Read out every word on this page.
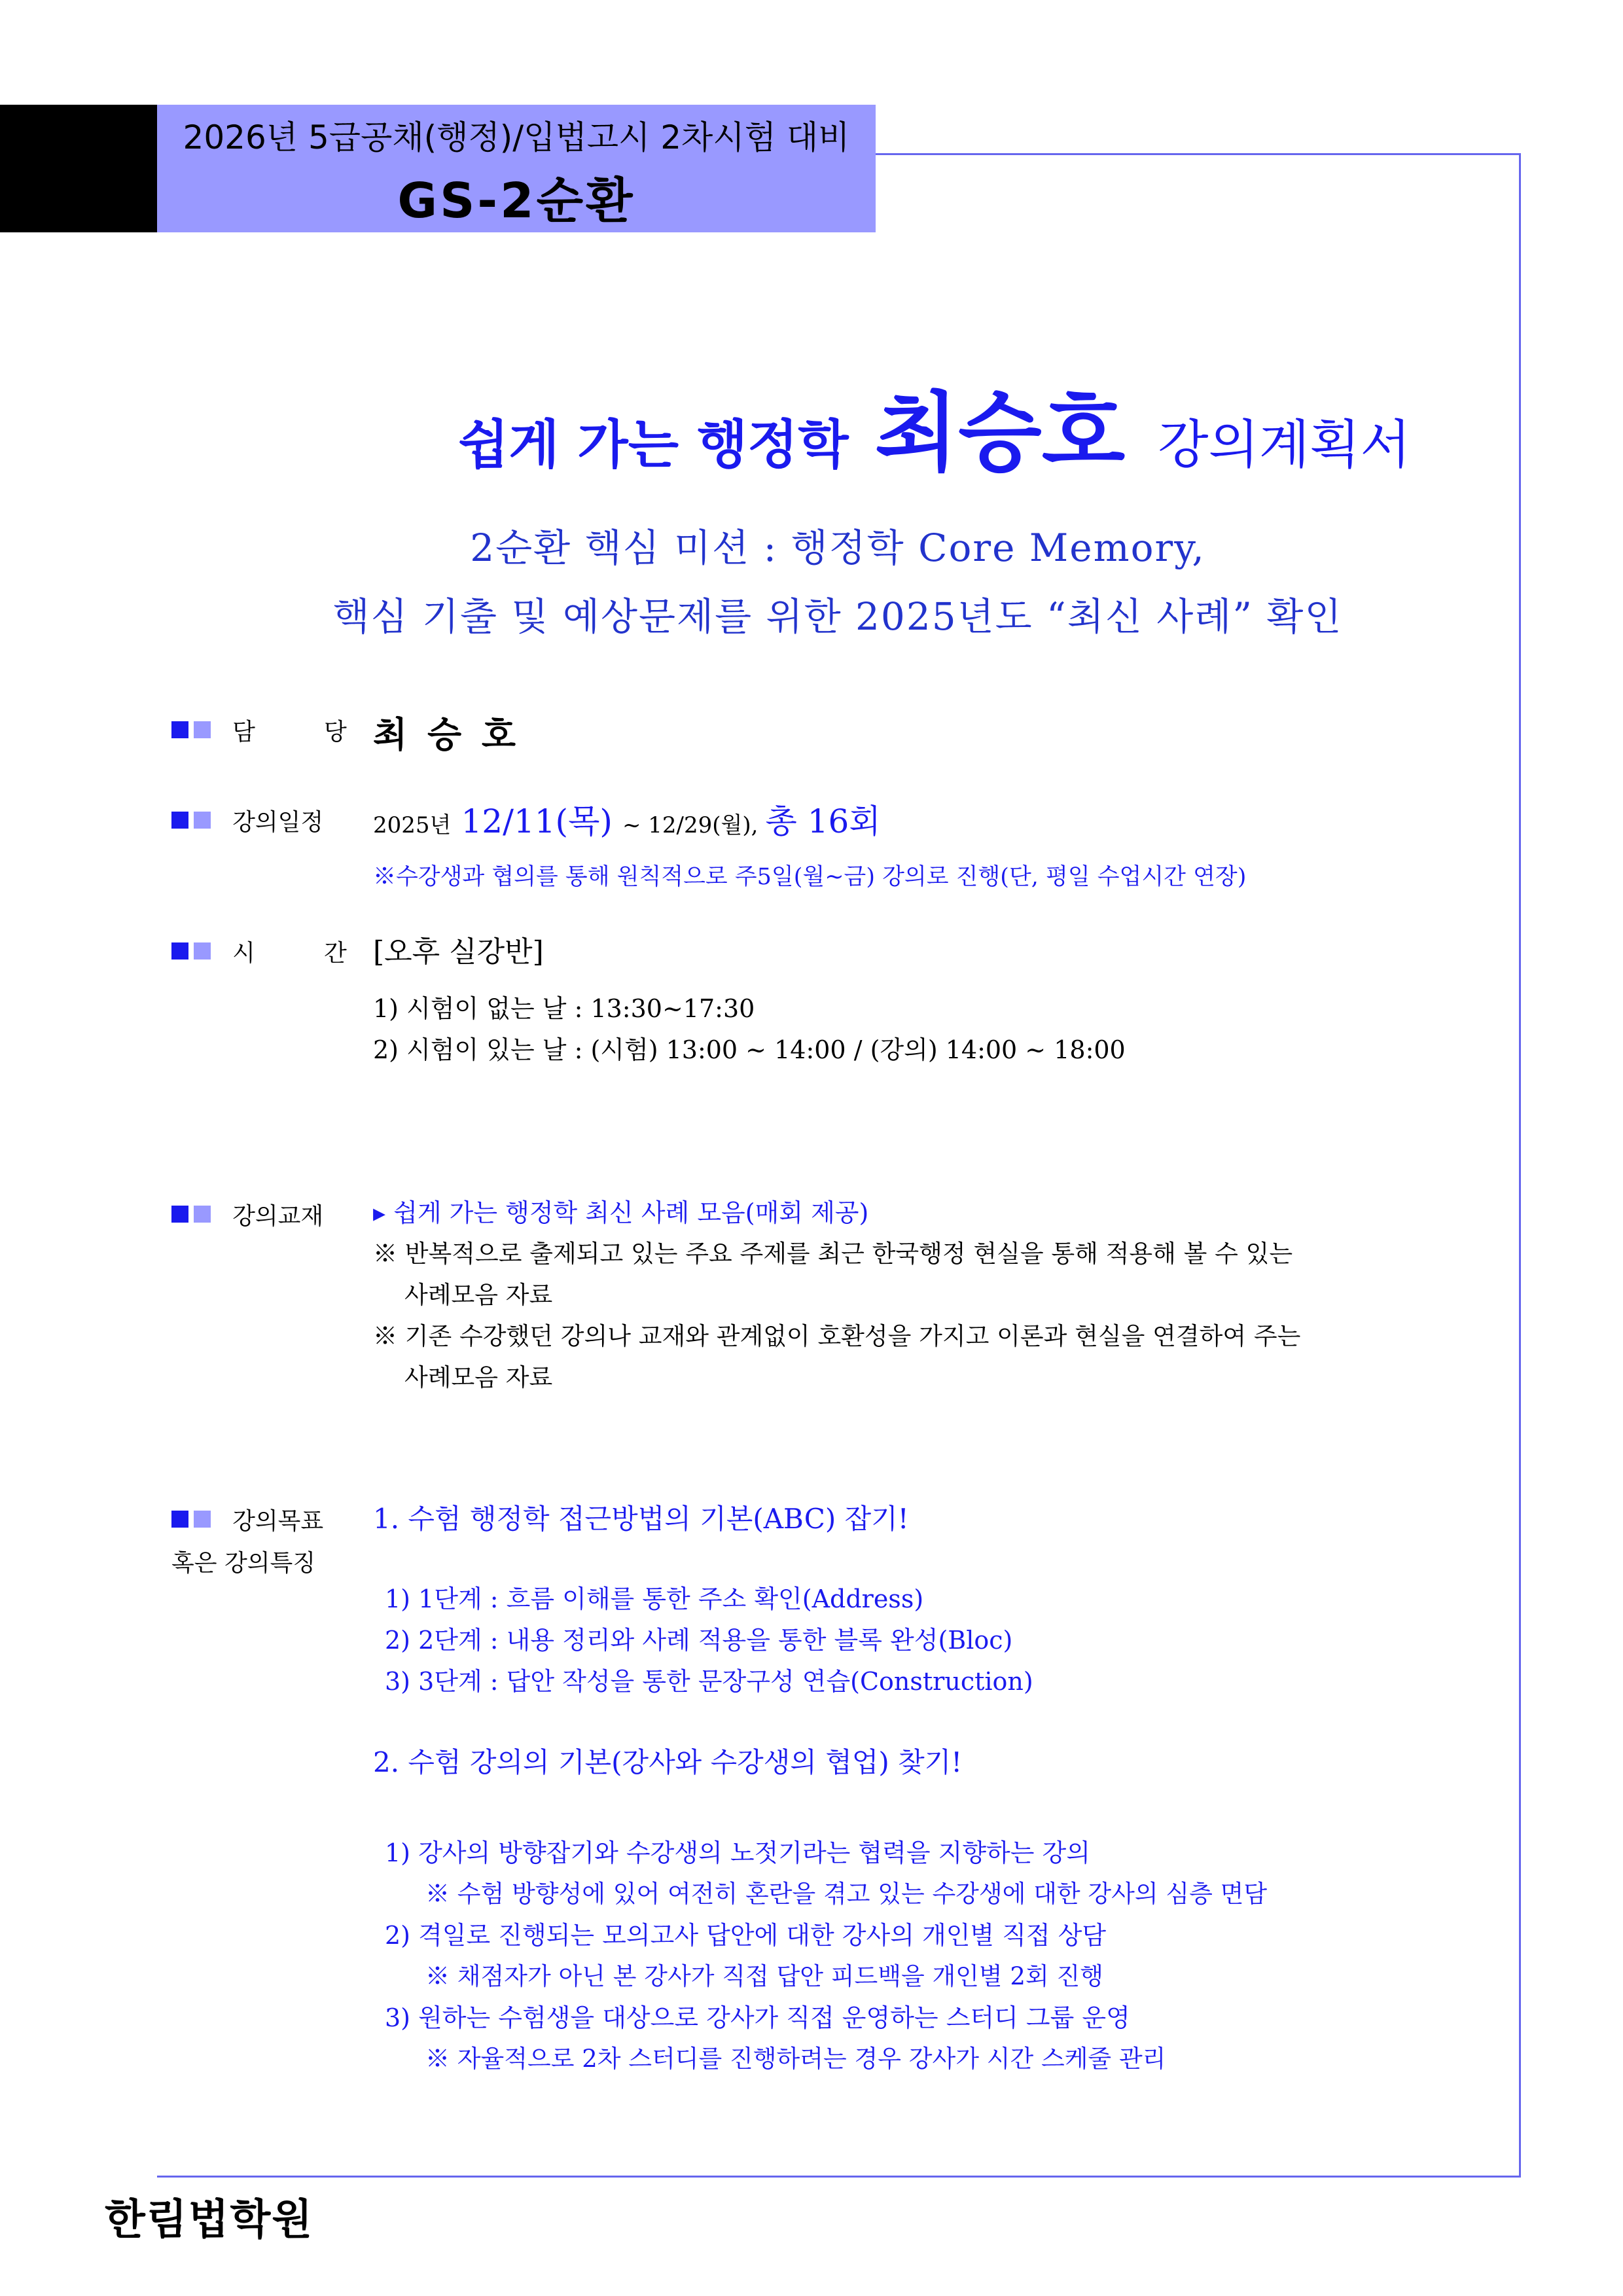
2026년 5급공채(행정)/입법고시 2차시험 대비
GS-2순환
쉽게 가는 행정학 최승호 강의계획서
2순환 핵심 미션 : 행정학 Core Memory,
핵심 기출 및 예상문제를 위한 2025년도 “최신 사례” 확인
담	당 최 승 호
강의일정 2025년 12/11(목) ~ 12/29(월), 총 16회
※수강생과 협의를 통해 원칙적으로 주5일(월~금) 강의로 진행(단, 평일 수업시간 연장)
시	간 [오후 실강반]
1) 시험이 없는 날 : 13:30~17:30
2) 시험이 있는 날 : (시험) 13:00 ~ 14:00 / (강의) 14:00 ~ 18:00
강의교재 ▸ 쉽게 가는 행정학 최신 사례 모음(매회 제공)
※ 반복적으로 출제되고 있는 주요 주제를 최근 한국행정 현실을 통해 적용해 볼 수 있는
사례모음 자료
※ 기존 수강했던 강의나 교재와 관계없이 호환성을 가지고 이론과 현실을 연결하여 주는
사례모음 자료
강의목표
혹은 강의특징
1. 수험 행정학 접근방법의 기본(ABC) 잡기!
1) 1단계 : 흐름 이해를 통한 주소 확인(Address)
2) 2단계 : 내용 정리와 사례 적용을 통한 블록 완성(Bloc)
3) 3단계 : 답안 작성을 통한 문장구성 연습(Construction)
2. 수험 강의의 기본(강사와 수강생의 협업) 찾기!
1) 강사의 방향잡기와 수강생의 노젓기라는 협력을 지향하는 강의
※ 수험 방향성에 있어 여전히 혼란을 겪고 있는 수강생에 대한 강사의 심층 면담
2) 격일로 진행되는 모의고사 답안에 대한 강사의 개인별 직접 상담
※ 채점자가 아닌 본 강사가 직접 답안 피드백을 개인별 2회 진행
3) 원하는 수험생을 대상으로 강사가 직접 운영하는 스터디 그룹 운영
※ 자율적으로 2차 스터디를 진행하려는 경우 강사가 시간 스케줄 관리
한림법학원
